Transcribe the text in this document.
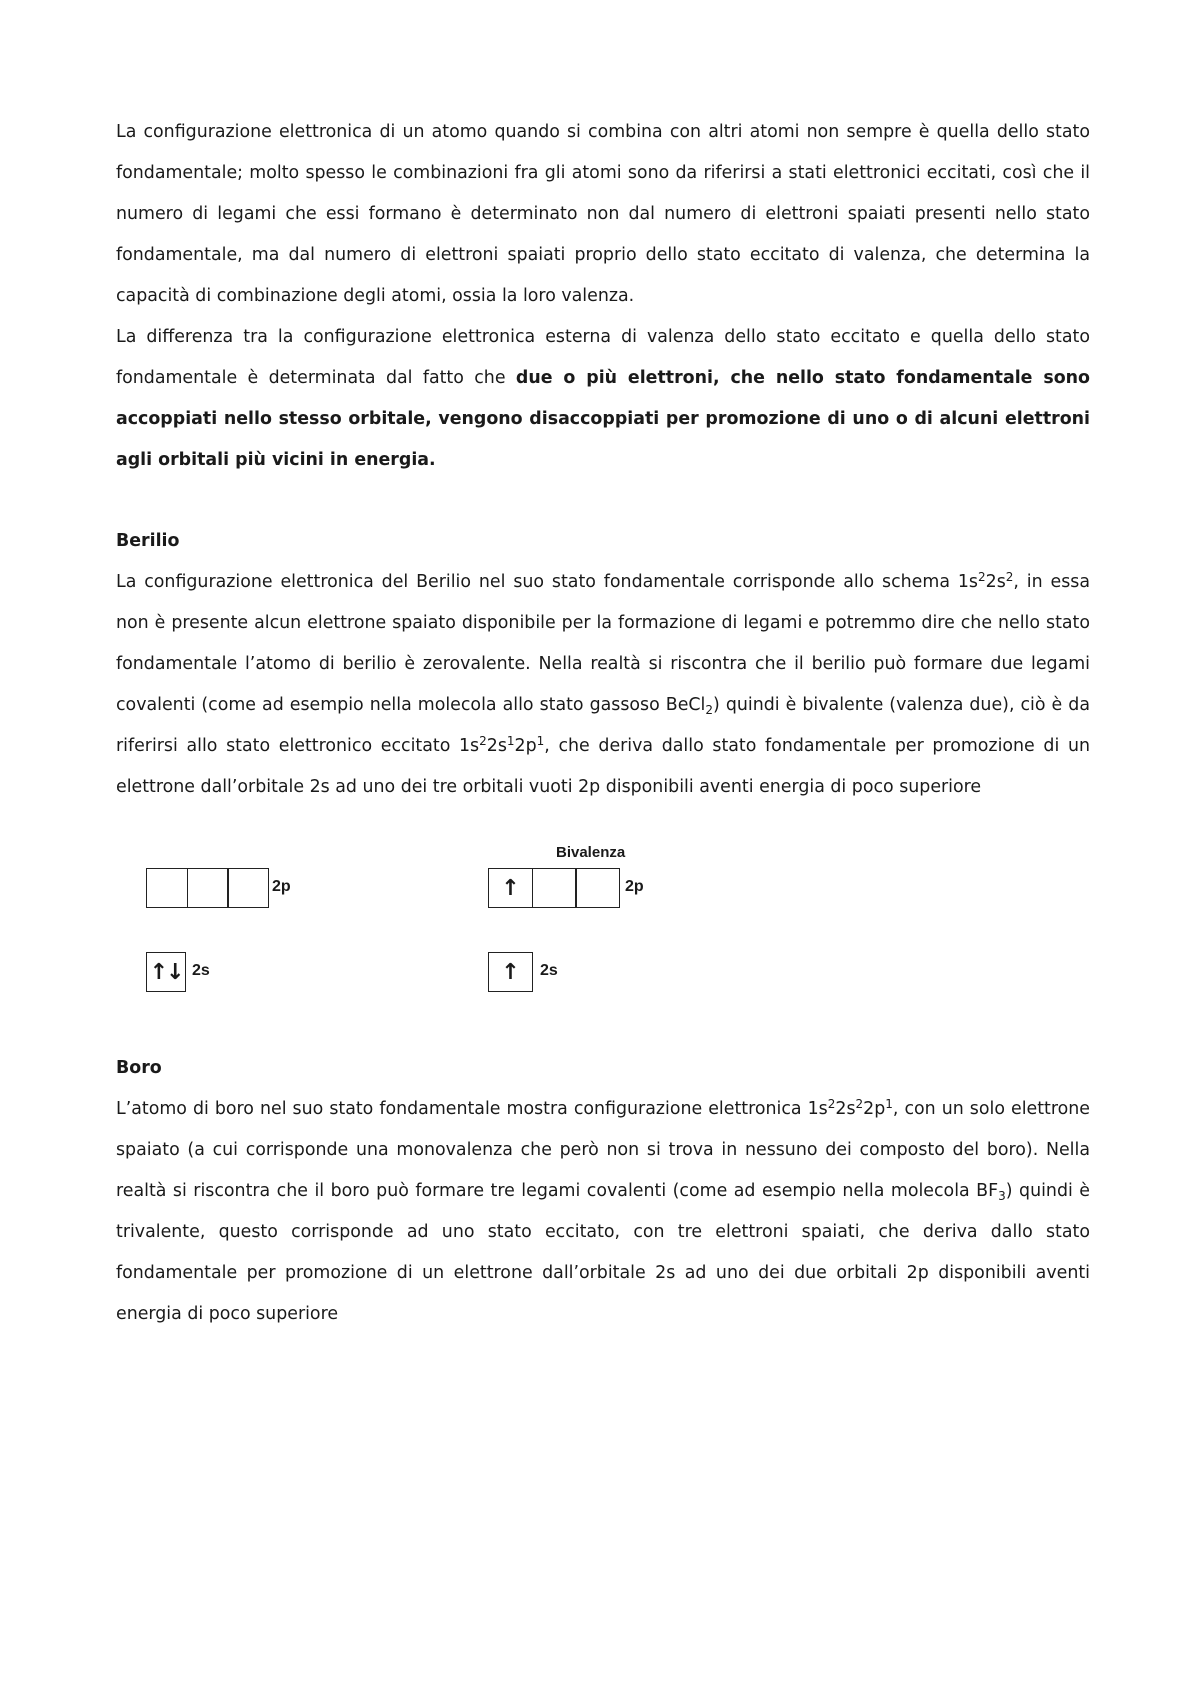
La configurazione elettronica di un atomo quando si combina con altri atomi non sempre è quella dello stato fondamentale; molto spesso le combinazioni fra gli atomi sono da riferirsi a stati elettronici eccitati, così che il numero di legami che essi formano è determinato non dal numero di elettroni spaiati presenti nello stato fondamentale, ma dal numero di elettroni spaiati proprio dello stato eccitato di valenza, che determina la capacità di combinazione degli atomi, ossia la loro valenza.

La differenza tra la configurazione elettronica esterna di valenza dello stato eccitato e quella dello stato fondamentale è determinata dal fatto che due o più elettroni, che nello stato fondamentale sono accoppiati nello stesso orbitale, vengono disaccoppiati per promozione di uno o di alcuni elettroni agli orbitali più vicini in energia.

Berilio

La configurazione elettronica del Berilio nel suo stato fondamentale corrisponde allo schema $1s^22s^2$, in essa non è presente alcun elettrone spaiato disponibile per la formazione di legami e potremmo dire che nello stato fondamentale l’atomo di berilio è zerovalente. Nella realtà si riscontra che il berilio può formare due legami covalenti (come ad esempio nella molecola allo stato gassoso BeCl$_2$) quindi è bivalente (valenza due), ciò è da riferirsi allo stato elettronico eccitato $1s^22s^12p^1$, che deriva dallo stato fondamentale per promozione di un elettrone dall’orbitale 2s ad uno dei tre orbitali vuoti 2p disponibili aventi energia di poco superiore

Bivalenza
2p
↑↓ 2s
↑	2p
↑ 2s
Boro

L’atomo di boro nel suo stato fondamentale mostra configurazione elettronica $1s^22s^22p^1$, con un solo elettrone spaiato (a cui corrisponde una monovalenza che però non si trova in nessuno dei composto del boro). Nella realtà si riscontra che il boro può formare tre legami covalenti (come ad esempio nella molecola $BF_3$) quindi è trivalente, questo corrisponde ad uno stato eccitato, con tre elettroni spaiati, che deriva dallo stato fondamentale per promozione di un elettrone dall’orbitale 2s ad uno dei due orbitali 2p disponibili aventi energia di poco superiore
